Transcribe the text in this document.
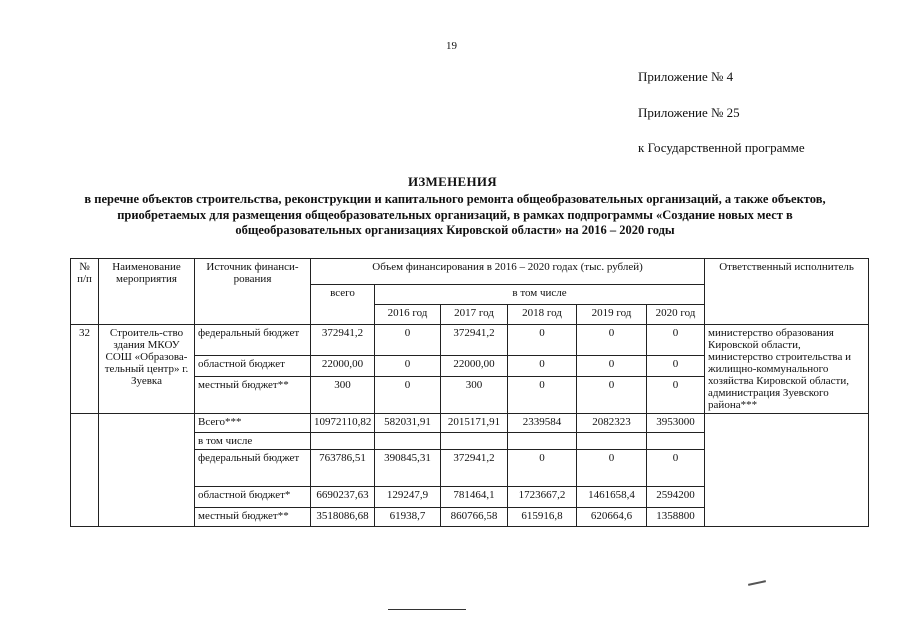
19
Приложение № 4
Приложение № 25
к Государственной программе
ИЗМЕНЕНИЯ
в перечне объектов строительства, реконструкции и капитального ремонта общеобразовательных организаций, а также объектов, приобретаемых для размещения общеобразовательных организаций, в рамках подпрограммы «Создание новых мест в общеобразовательных организациях Кировской области» на 2016 – 2020 годы
№ п/п	Наименование мероприятия	Источник финанси-рования	Объем финансирования в 2016 – 2020 годах (тыс. рублей)						Ответственный исполнитель
			всего	в том числе					
				2016 год	2017 год	2018 год	2019 год	2020 год	
32	Строитель-ство здания МКОУ СОШ «Образова-тельный центр» г. Зуевка	федеральный бюджет	372941,2	0	372941,2	0	0	0	министерство образования Кировской области, министерство строительства и жилищно-коммунального хозяйства Кировской области, администрация Зуевского района***
		областной бюджет	22000,00	0	22000,00	0	0	0	
		местный бюджет**	300	0	300	0	0	0	
		Всего***	10972110,82	582031,91	2015171,91	2339584	2082323	3953000	
		в том числе							
		федеральный бюджет	763786,51	390845,31	372941,2	0	0	0	
		областной бюджет*	6690237,63	129247,9	781464,1	1723667,2	1461658,4	2594200	
		местный бюджет**	3518086,68	61938,7	860766,58	615916,8	620664,6	1358800	
